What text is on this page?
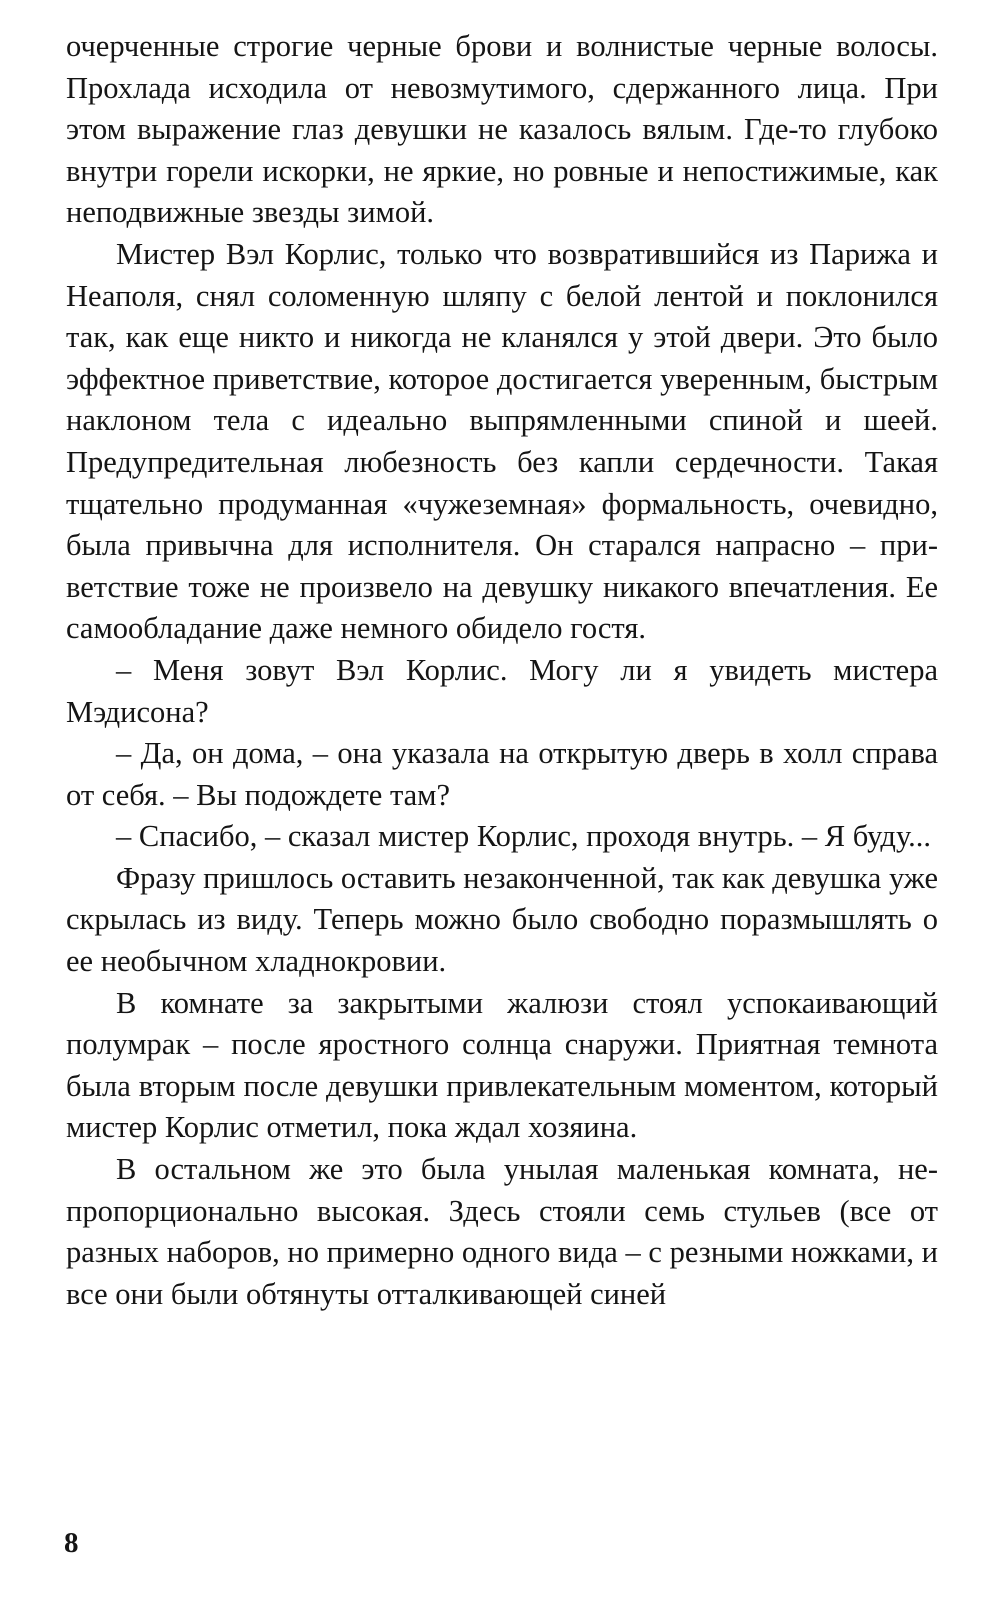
очерченные строгие черные брови и волнистые черные волосы. Прохлада исходила от невозмутимого, сдержанного лица. При этом выражение глаз девушки не казалось вялым. Где-то глубоко внутри горели искорки, не яркие, но ровные и непостижимые, как неподвижные звезды зимой.

Мистер Вэл Корлис, только что возвратившийся из Парижа и Неаполя, снял соломенную шляпу с белой лентой и поклонился так, как еще никто и никогда не кланялся у этой двери. Это было эффектное приветствие, которое достигается уверенным, быстрым наклоном тела с идеально выпрямленными спиной и шеей. Предупредительная любезность без капли сердечности. Такая тщательно продуманная «чужеземная» формальность, очевидно, была привычна для исполнителя. Он старался напрасно – приветствие тоже не произвело на девушку никакого впечатления. Ее самообладание даже немного обидело гостя.

– Меня зовут Вэл Корлис. Могу ли я увидеть мистера Мэдисона?

– Да, он дома, – она указала на открытую дверь в холл справа от себя. – Вы подождете там?

– Спасибо, – сказал мистер Корлис, проходя внутрь. – Я буду...

Фразу пришлось оставить незаконченной, так как девушка уже скрылась из виду. Теперь можно было свободно поразмышлять о ее необычном хладнокровии.

В комнате за закрытыми жалюзи стоял успокаивающий полумрак – после яростного солнца снаружи. Приятная темнота была вторым после девушки привлекательным моментом, который мистер Корлис отметил, пока ждал хозяина.

В остальном же это была унылая маленькая комната, непропорционально высокая. Здесь стояли семь стульев (все от разных наборов, но примерно одного вида – с резными ножками, и все они были обтянуты отталкивающей синей

8
